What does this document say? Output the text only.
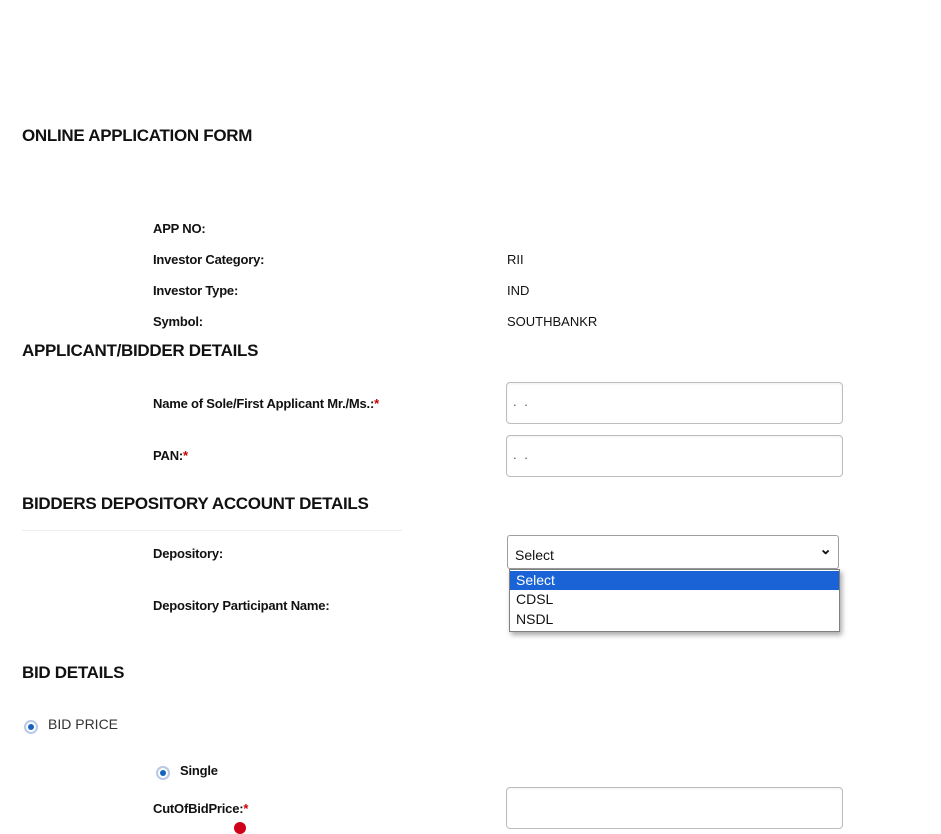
ONLINE APPLICATION FORM
APP NO:
Investor Category:	RII
Investor Type:	IND
Symbol:	SOUTHBANKR
APPLICANT/BIDDER DETAILS
Name of Sole/First Applicant Mr./Ms.:*	. .
PAN:*	. .
BIDDERS DEPOSITORY ACCOUNT DETAILS
Depository:	Select	⌄
Select
CDSL
NSDL
Depository Participant Name:
BID DETAILS
BID PRICE
Single
CutOfBidPrice:*
